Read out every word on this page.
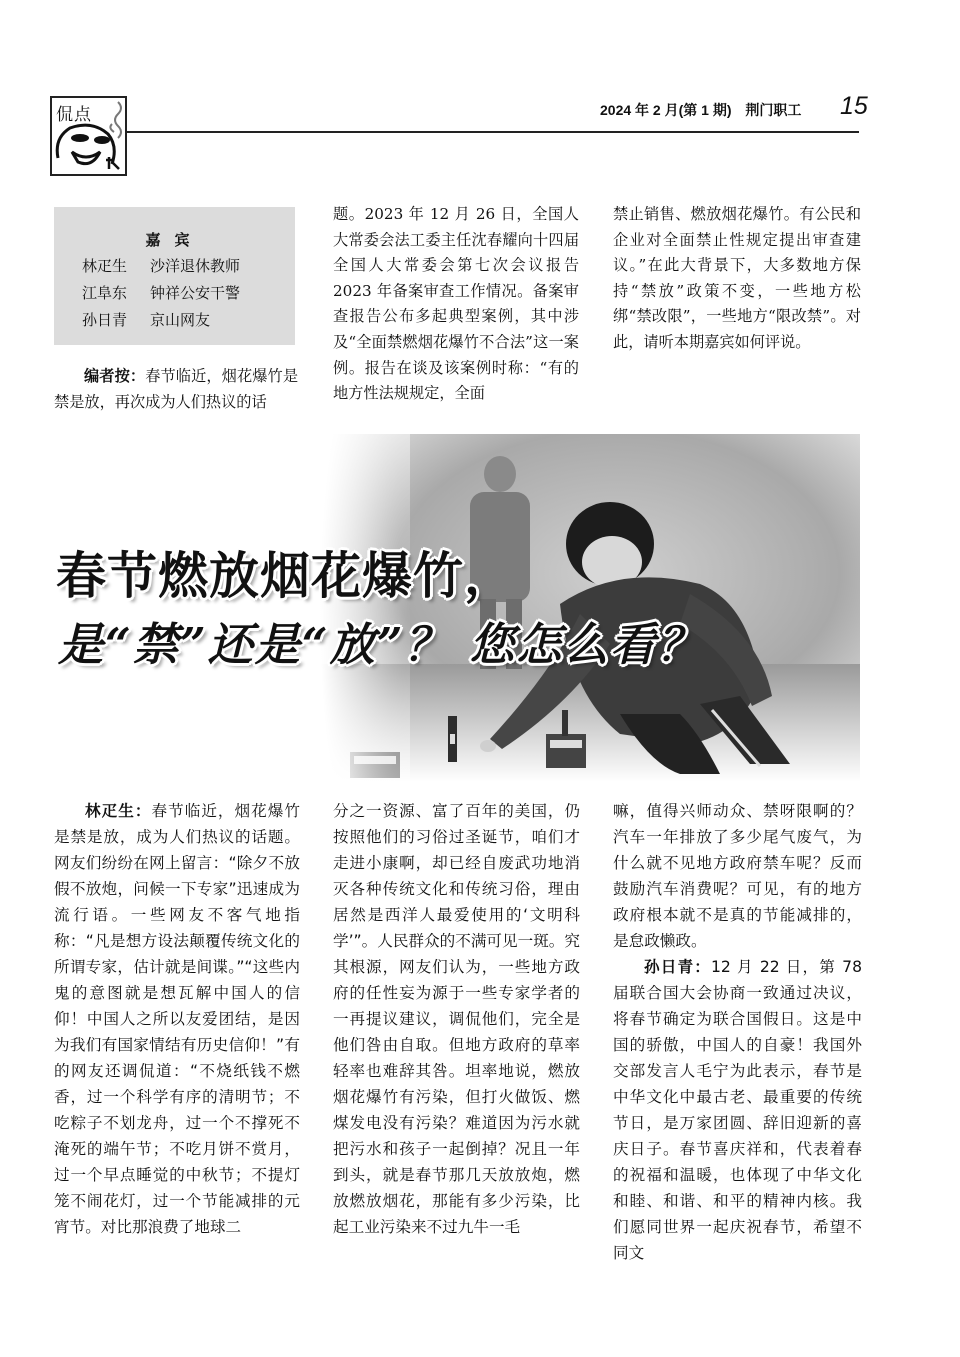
侃点	2024 年 2 月(第 1 期) 荆门职工 15
嘉宾
林疋生 沙洋退休教师
江阜东 钟祥公安干警
孙日青 京山网友
编者按：春节临近，烟花爆竹是禁是放，再次成为人们热议的话
题。2023 年 12 月 26 日，全国人大常委会法工委主任沈春耀向十四届全国人大常委会第七次会议报告 2023 年备案审查工作情况。备案审查报告公布多起典型案例，其中涉及“全面禁燃烟花爆竹不合法”这一案例。报告在谈及该案例时称：“有的地方性法规规定，全面
禁止销售、燃放烟花爆竹。有公民和企业对全面禁止性规定提出审查建议。”在此大背景下，大多数地方保持“禁放”政策不变，一些地方松绑“禁改限”，一些地方“限改禁”。对此，请听本期嘉宾如何评说。
春节燃放烟花爆竹，
是“禁”还是“放”？ 您怎么看？
林疋生：春节临近，烟花爆竹是禁是放，成为人们热议的话题。网友们纷纷在网上留言：“除夕不放假不放炮，问候一下专家”迅速成为流行语。一些网友不客气地指称：“凡是想方设法颠覆传统文化的所谓专家，估计就是间谍。”“这些内鬼的意图就是想瓦解中国人的信仰！中国人之所以友爱团结，是因为我们有国家情结有历史信仰！”有的网友还调侃道：“不烧纸钱不燃香，过一个科学有序的清明节；不吃粽子不划龙舟，过一个不撑死不淹死的端午节；不吃月饼不赏月，过一个早点睡觉的中秋节；不提灯笼不闹花灯，过一个节能减排的元宵节。对比那浪费了地球二
分之一资源、富了百年的美国，仍按照他们的习俗过圣诞节，咱们才走进小康啊，却已经自废武功地消灭各种传统文化和传统习俗，理由居然是西洋人最爱使用的‘文明科学’”。人民群众的不满可见一斑。究其根源，网友们认为，一些地方政府的任性妄为源于一些专家学者的一再提议建议，调侃他们，完全是他们咎由自取。但地方政府的草率轻率也难辞其咎。坦率地说，燃放烟花爆竹有污染，但打火做饭、燃煤发电没有污染？难道因为污水就把污水和孩子一起倒掉？况且一年到头，就是春节那几天放放炮，燃放燃放烟花，那能有多少污染，比起工业污染来不过九牛一毛
嘛，值得兴师动众、禁呀限啊的？汽车一年排放了多少尾气废气，为什么就不见地方政府禁车呢？反而鼓励汽车消费呢？可见，有的地方政府根本就不是真的节能减排的，是怠政懒政。
孙日青：12 月 22 日，第 78 届联合国大会协商一致通过决议，将春节确定为联合国假日。这是中国的骄傲，中国人的自豪！我国外交部发言人毛宁为此表示，春节是中华文化中最古老、最重要的传统节日，是万家团圆、辞旧迎新的喜庆日子。春节喜庆祥和，代表着春的祝福和温暖，也体现了中华文化和睦、和谐、和平的精神内核。我们愿同世界一起庆祝春节，希望不同文
